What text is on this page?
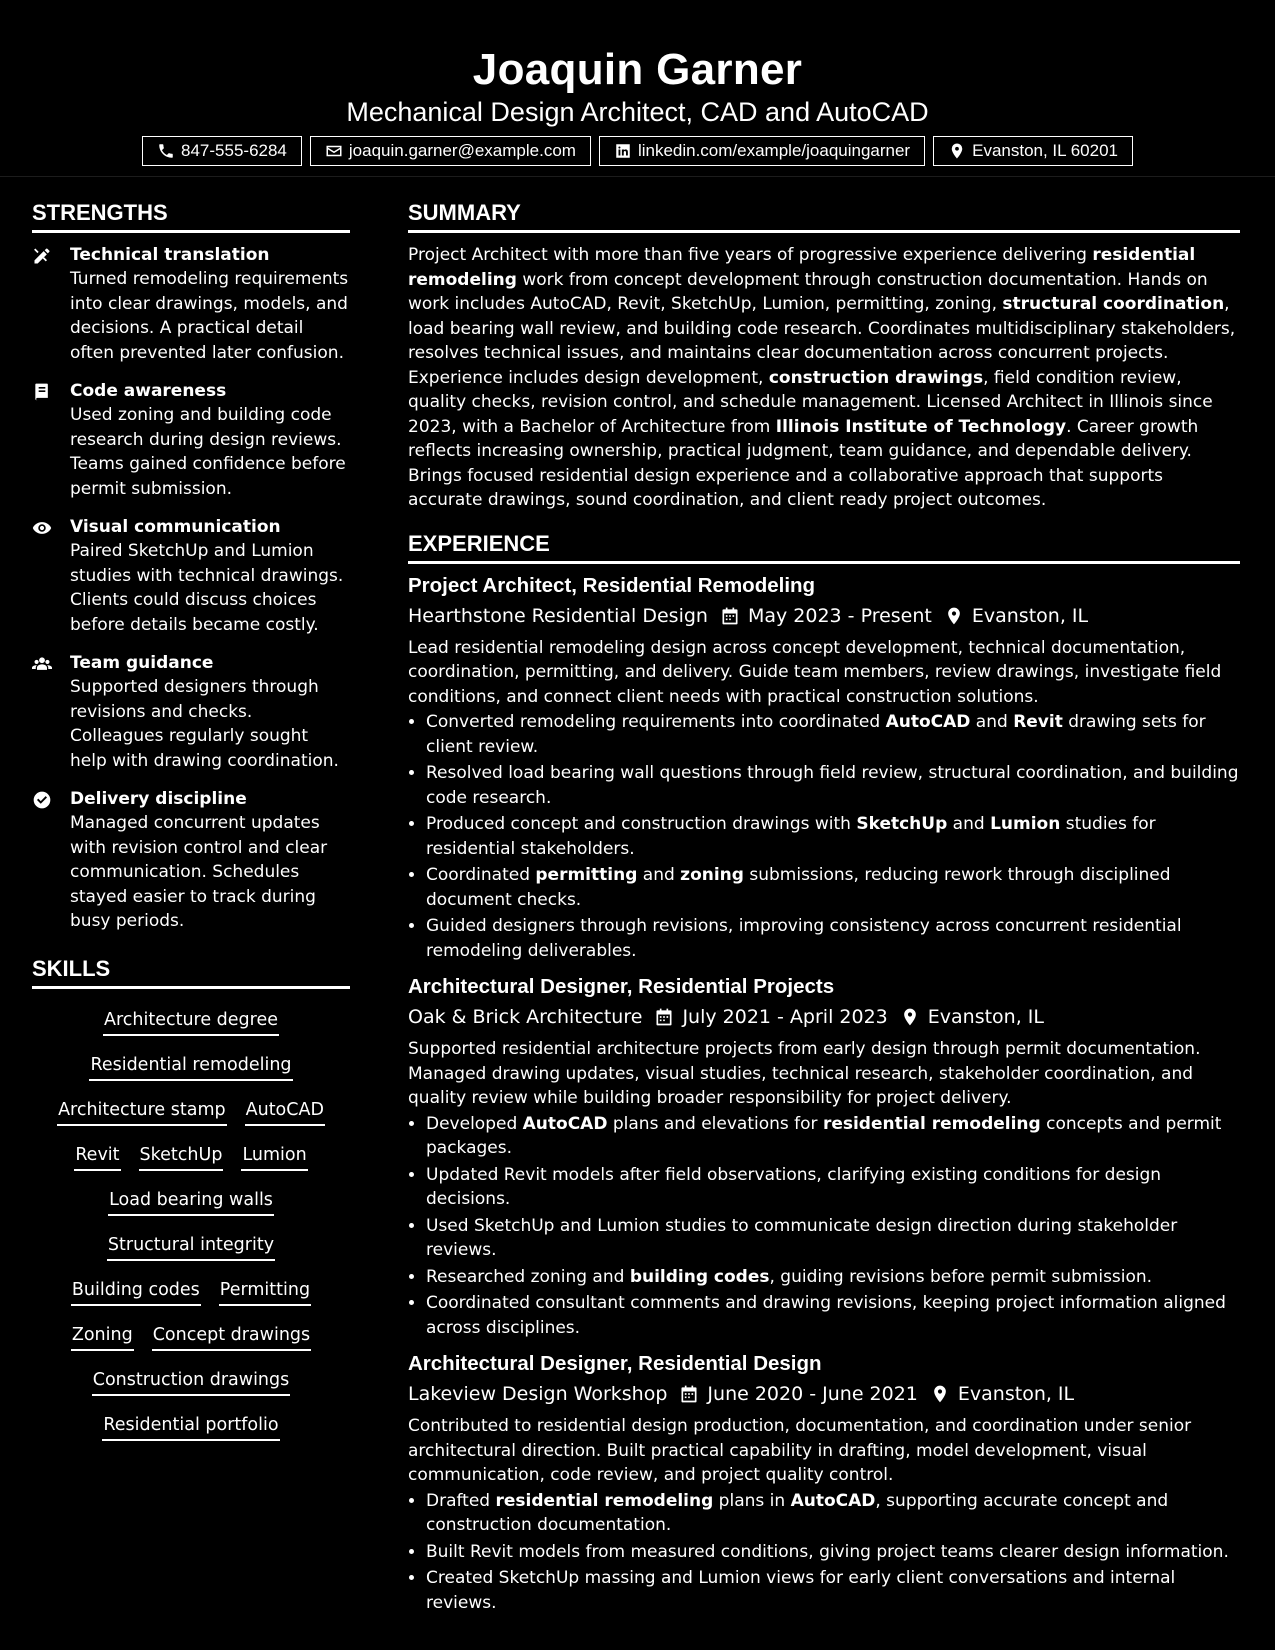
Joaquin Garner
Mechanical Design Architect, CAD and AutoCAD
847-555-6284	joaquin.garner@example.com	linkedin.com/example/joaquingarner	Evanston, IL 60201
STRENGTHS
Technical translation
Turned remodeling requirements into clear drawings, models, and decisions. A practical detail often prevented later confusion.
Code awareness
Used zoning and building code research during design reviews. Teams gained confidence before permit submission.
Visual communication
Paired SketchUp and Lumion studies with technical drawings. Clients could discuss choices before details became costly.
Team guidance
Supported designers through revisions and checks. Colleagues regularly sought help with drawing coordination.
Delivery discipline
Managed concurrent updates with revision control and clear communication. Schedules stayed easier to track during busy periods.
SKILLS
Architecture degree
Residential remodeling
Architecture stamp AutoCAD
Revit SketchUp Lumion
Load bearing walls
Structural integrity
Building codes Permitting
Zoning Concept drawings
Construction drawings
Residential portfolio
SUMMARY
Project Architect with more than five years of progressive experience delivering residential remodeling work from concept development through construction documentation. Hands on work includes AutoCAD, Revit, SketchUp, Lumion, permitting, zoning, structural coordination, load bearing wall review, and building code research. Coordinates multidisciplinary stakeholders, resolves technical issues, and maintains clear documentation across concurrent projects. Experience includes design development, construction drawings, field condition review, quality checks, revision control, and schedule management. Licensed Architect in Illinois since 2023, with a Bachelor of Architecture from Illinois Institute of Technology. Career growth reflects increasing ownership, practical judgment, team guidance, and dependable delivery. Brings focused residential design experience and a collaborative approach that supports accurate drawings, sound coordination, and client ready project outcomes.
EXPERIENCE
Project Architect, Residential Remodeling
Hearthstone Residential Design May 2023 - Present Evanston, IL
Lead residential remodeling design across concept development, technical documentation, coordination, permitting, and delivery. Guide team members, review drawings, investigate field conditions, and connect client needs with practical construction solutions.
• Converted remodeling requirements into coordinated AutoCAD and Revit drawing sets for client review.
• Resolved load bearing wall questions through field review, structural coordination, and building code research.
• Produced concept and construction drawings with SketchUp and Lumion studies for residential stakeholders.
• Coordinated permitting and zoning submissions, reducing rework through disciplined document checks.
• Guided designers through revisions, improving consistency across concurrent residential remodeling deliverables.
Architectural Designer, Residential Projects
Oak & Brick Architecture July 2021 - April 2023 Evanston, IL
Supported residential architecture projects from early design through permit documentation. Managed drawing updates, visual studies, technical research, stakeholder coordination, and quality review while building broader responsibility for project delivery.
• Developed AutoCAD plans and elevations for residential remodeling concepts and permit packages.
• Updated Revit models after field observations, clarifying existing conditions for design decisions.
• Used SketchUp and Lumion studies to communicate design direction during stakeholder reviews.
• Researched zoning and building codes, guiding revisions before permit submission.
• Coordinated consultant comments and drawing revisions, keeping project information aligned across disciplines.
Architectural Designer, Residential Design
Lakeview Design Workshop June 2020 - June 2021 Evanston, IL
Contributed to residential design production, documentation, and coordination under senior architectural direction. Built practical capability in drafting, model development, visual communication, code review, and project quality control.
• Drafted residential remodeling plans in AutoCAD, supporting accurate concept and construction documentation.
• Built Revit models from measured conditions, giving project teams clearer design information.
• Created SketchUp massing and Lumion views for early client conversations and internal reviews.
